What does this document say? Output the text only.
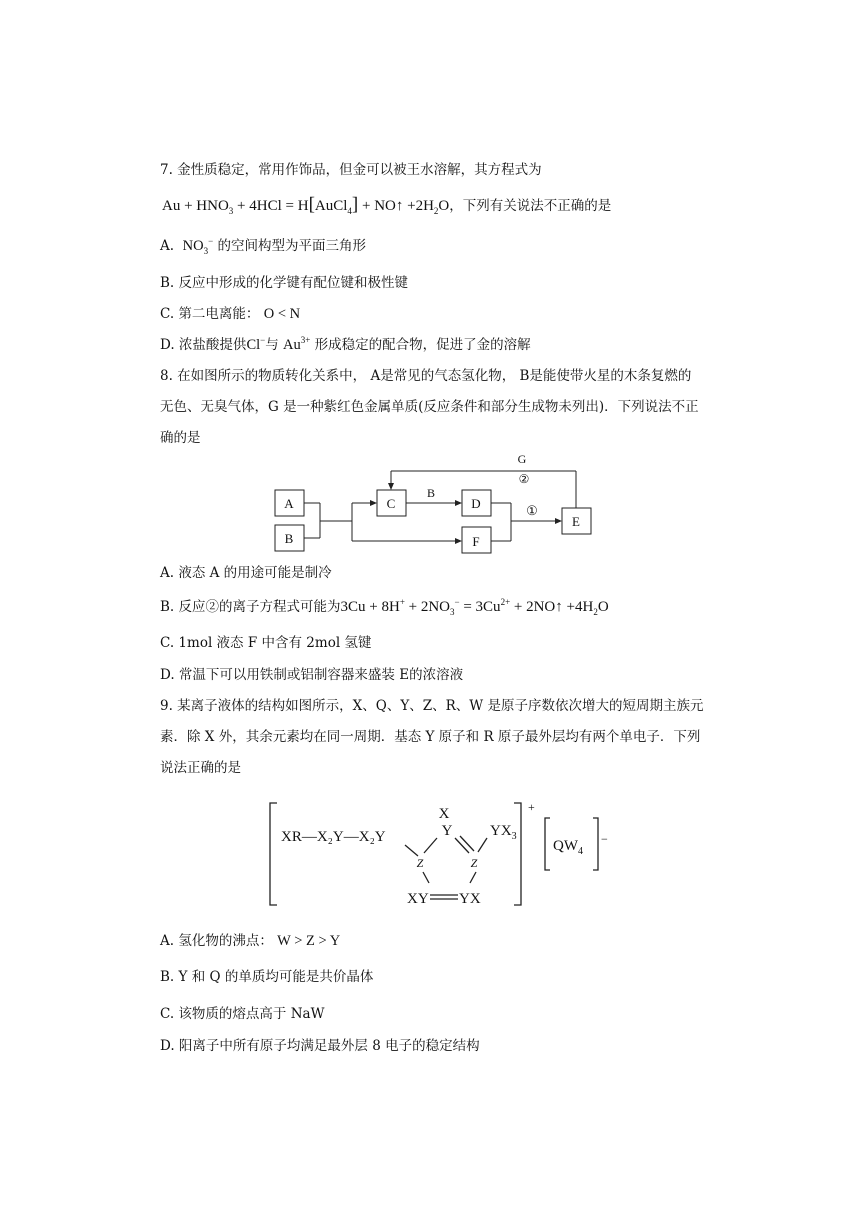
7. 金性质稳定，常用作饰品，但金可以被王水溶解，其方程式为
$Au + HNO_3 + 4HCl$ = H[AuCl$_4$] + NO↑ $+2H_2O$，下列有关说法不正确的是
A. $NO_3^-$ 的空间构型为平面三角形
B. 反应中形成的化学键有配位键和极性键
C. 第二电离能： O < N
D. 浓盐酸提供Cl−与 $Au^{3+}$ 形成稳定的配合物，促进了金的溶解
8. 在如图所示的物质转化关系中， A是常见的气态氢化物， B是能使带火星的木条复燃的
无色、无臭气体，G 是一种紫红色金属单质(反应条件和部分生成物未列出)．下列说法不正
确的是
A
B
C	D
E
F
B
G
②
①
A. 液态 A 的用途可能是制冷
B. 反应②的离子方程式可能为$3Cu + 8H^+ + 2NO_3^- = 3Cu^{2+}$ + 2NO↑ $+4H_2O$
C. 1mol 液态 F 中含有 2mol 氢键
D. 常温下可以用铁制或铝制容器来盛装 E的浓溶液
9. 某离子液体的结构如图所示，X、Q、Y、Z、R、W 是原子序数依次增大的短周期主族元
素．除 X 外，其余元素均在同一周期．基态 Y 原子和 R 原子最外层均有两个单电子．下列
说法正确的是
XR—X₂Y—X₂Y
X
Y	$YX_3$
Z	Z
XY YX
+
$QW_4$
−
A. 氢化物的沸点： W > Z > Y
B. Y 和 Q 的单质均可能是共价晶体
C. 该物质的熔点高于 NaW
D. 阳离子中所有原子均满足最外层 8 电子的稳定结构
